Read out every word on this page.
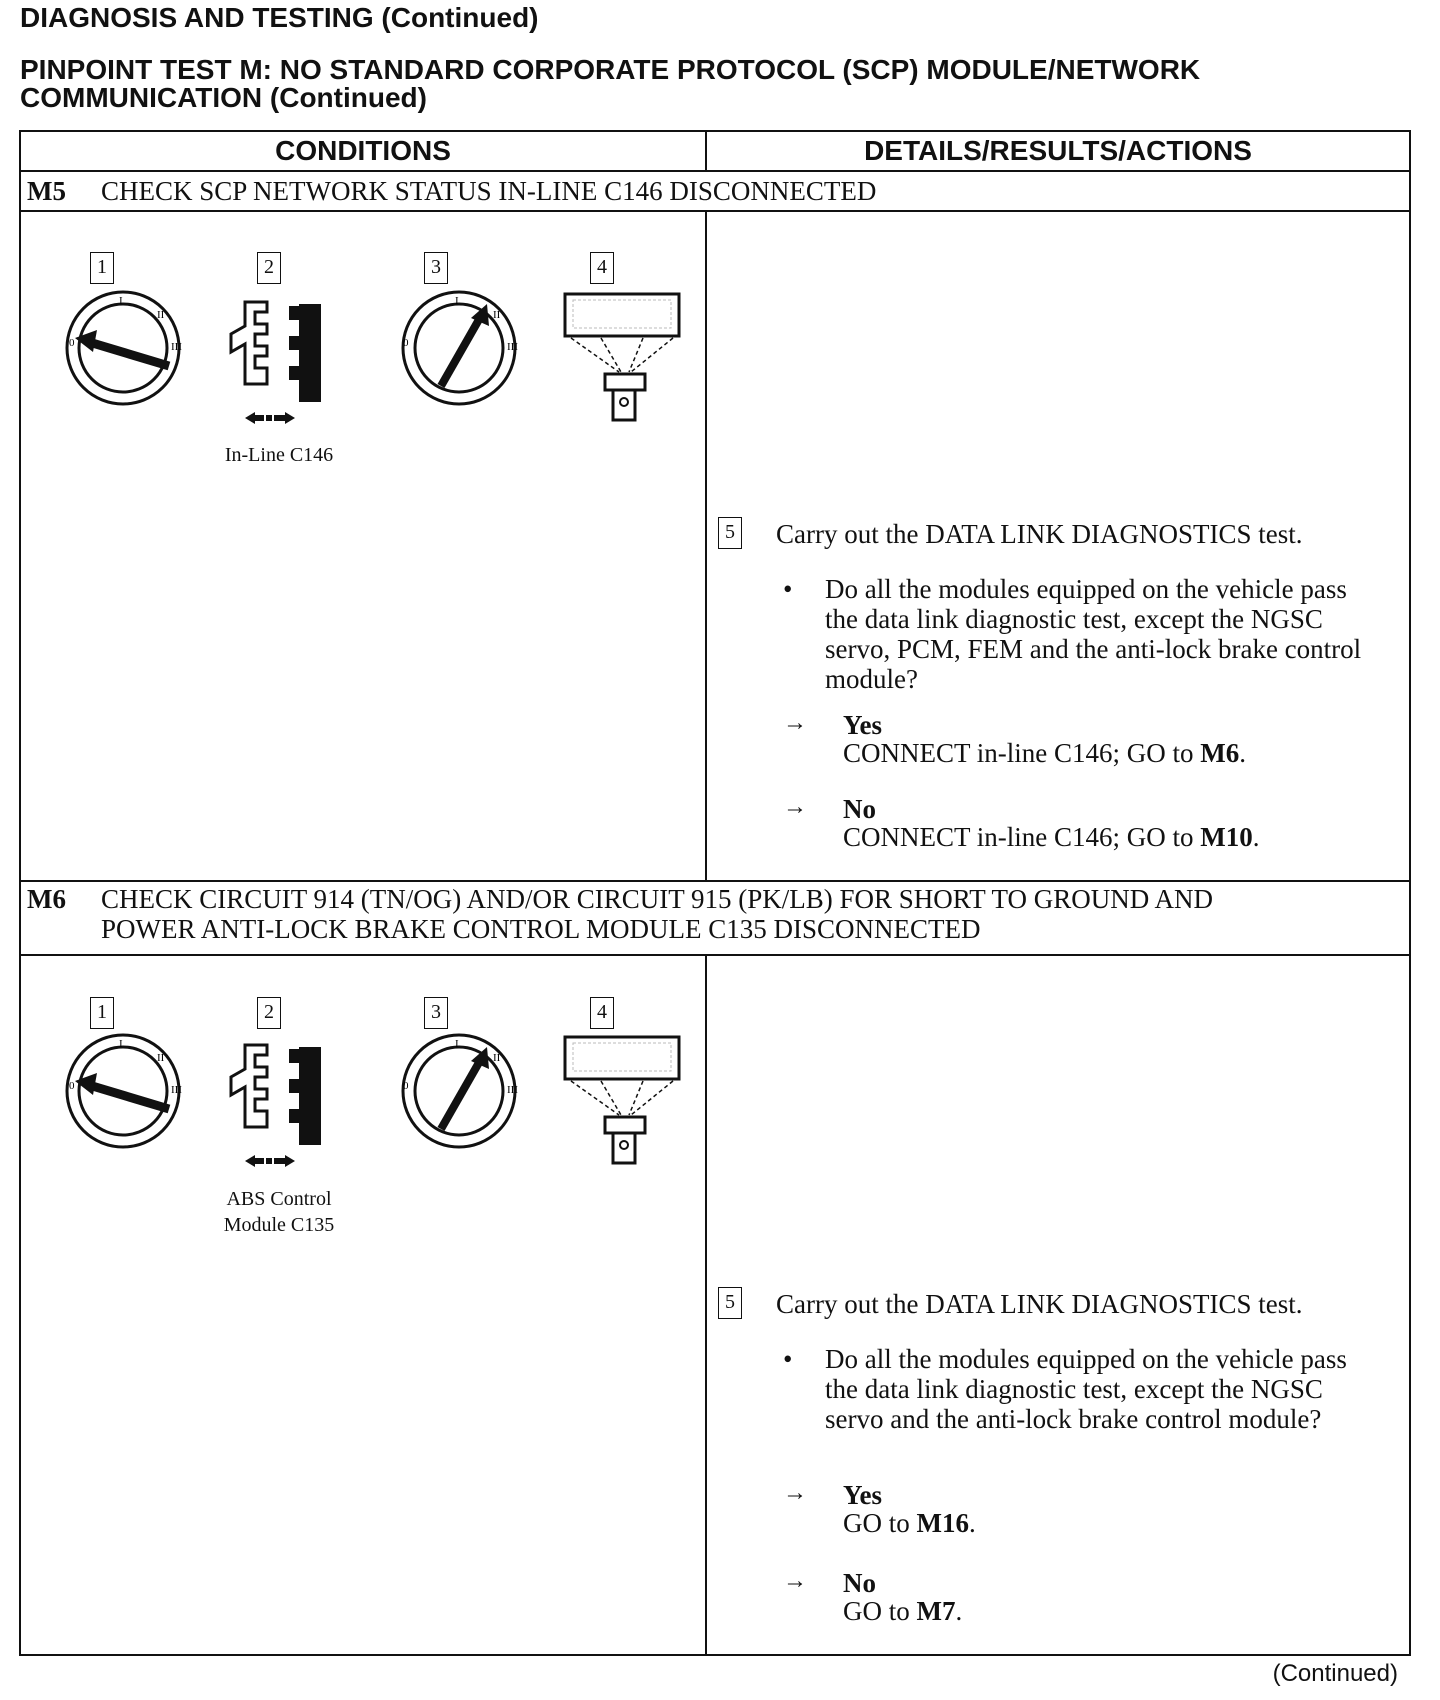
DIAGNOSIS AND TESTING (Continued)
PINPOINT TEST M: NO STANDARD CORPORATE PROTOCOL (SCP) MODULE/NETWORK COMMUNICATION (Continued)
CONDITIONS	DETAILS/RESULTS/ACTIONS
M5 CHECK SCP NETWORK STATUS IN-LINE C146 DISCONNECTED
1	2	3	4
0
I
II
III	0
I
II
III
In-Line C146
5 Carry out the DATA LINK DIAGNOSTICS test.
• Do all the modules equipped on the vehicle pass the data link diagnostic test, except the NGSC servo, PCM, FEM and the anti-lock brake control module?
→ Yes
CONNECT in-line C146; GO to M6.
→ No
CONNECT in-line C146; GO to M10.
M6 CHECK CIRCUIT 914 (TN/OG) AND/OR CIRCUIT 915 (PK/LB) FOR SHORT TO GROUND AND
POWER ANTI-LOCK BRAKE CONTROL MODULE C135 DISCONNECTED
1	2	3	4
0
I
II
III	0
I
II
III
ABS Control
Module C135
5 Carry out the DATA LINK DIAGNOSTICS test.
• Do all the modules equipped on the vehicle pass the data link diagnostic test, except the NGSC servo and the anti-lock brake control module?
→ Yes
GO to M16.
→ No
GO to M7.
(Continued)
